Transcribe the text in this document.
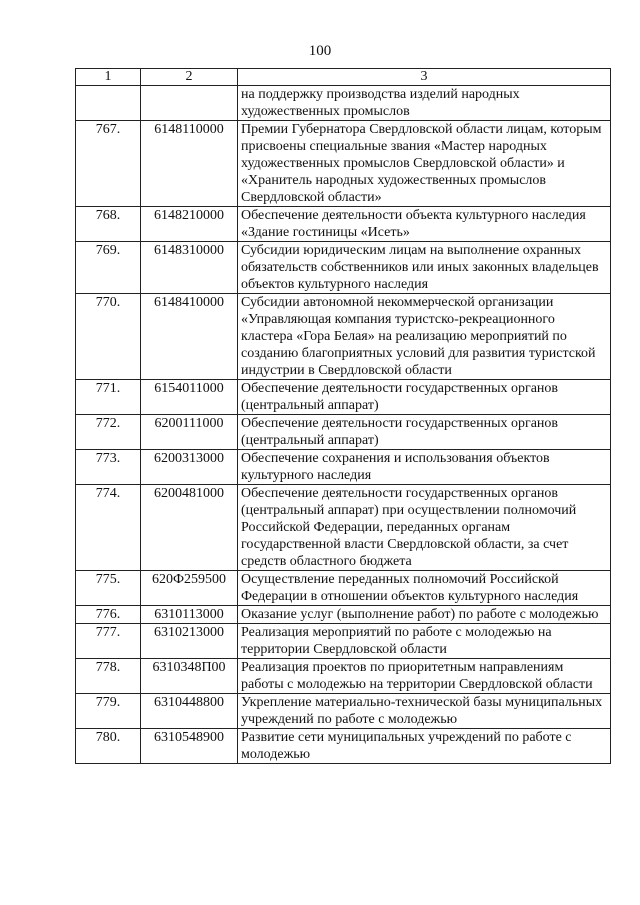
100
1	2	3
		на поддержку производства изделий народных художественных промыслов
767.	6148110000	Премии Губернатора Свердловской области лицам, которым присвоены специальные звания «Мастер народных художественных промыслов Свердловской области» и «Хранитель народных художественных промыслов Свердловской области»
768.	6148210000	Обеспечение деятельности объекта культурного наследия «Здание гостиницы «Исеть»
769.	6148310000	Субсидии юридическим лицам на выполнение охранных обязательств собственников или иных законных владельцев объектов культурного наследия
770.	6148410000	Субсидии автономной некоммерческой организации «Управляющая компания туристско-рекреационного кластера «Гора Белая» на реализацию мероприятий по созданию благоприятных условий для развития туристской индустрии в Свердловской области
771.	6154011000	Обеспечение деятельности государственных органов (центральный аппарат)
772.	6200111000	Обеспечение деятельности государственных органов (центральный аппарат)
773.	6200313000	Обеспечение сохранения и использования объектов культурного наследия
774.	6200481000	Обеспечение деятельности государственных органов (центральный аппарат) при осуществлении полномочий Российской Федерации, переданных органам государственной власти Свердловской области, за счет средств областного бюджета
775.	620Ф259500	Осуществление переданных полномочий Российской Федерации в отношении объектов культурного наследия
776.	6310113000	Оказание услуг (выполнение работ) по работе с молодежью
777.	6310213000	Реализация мероприятий по работе с молодежью на территории Свердловской области
778.	6310348П00	Реализация проектов по приоритетным направлениям работы с молодежью на территории Свердловской области
779.	6310448800	Укрепление материально-технической базы муниципальных учреждений по работе с молодежью
780.	6310548900	Развитие сети муниципальных учреждений по работе с молодежью
